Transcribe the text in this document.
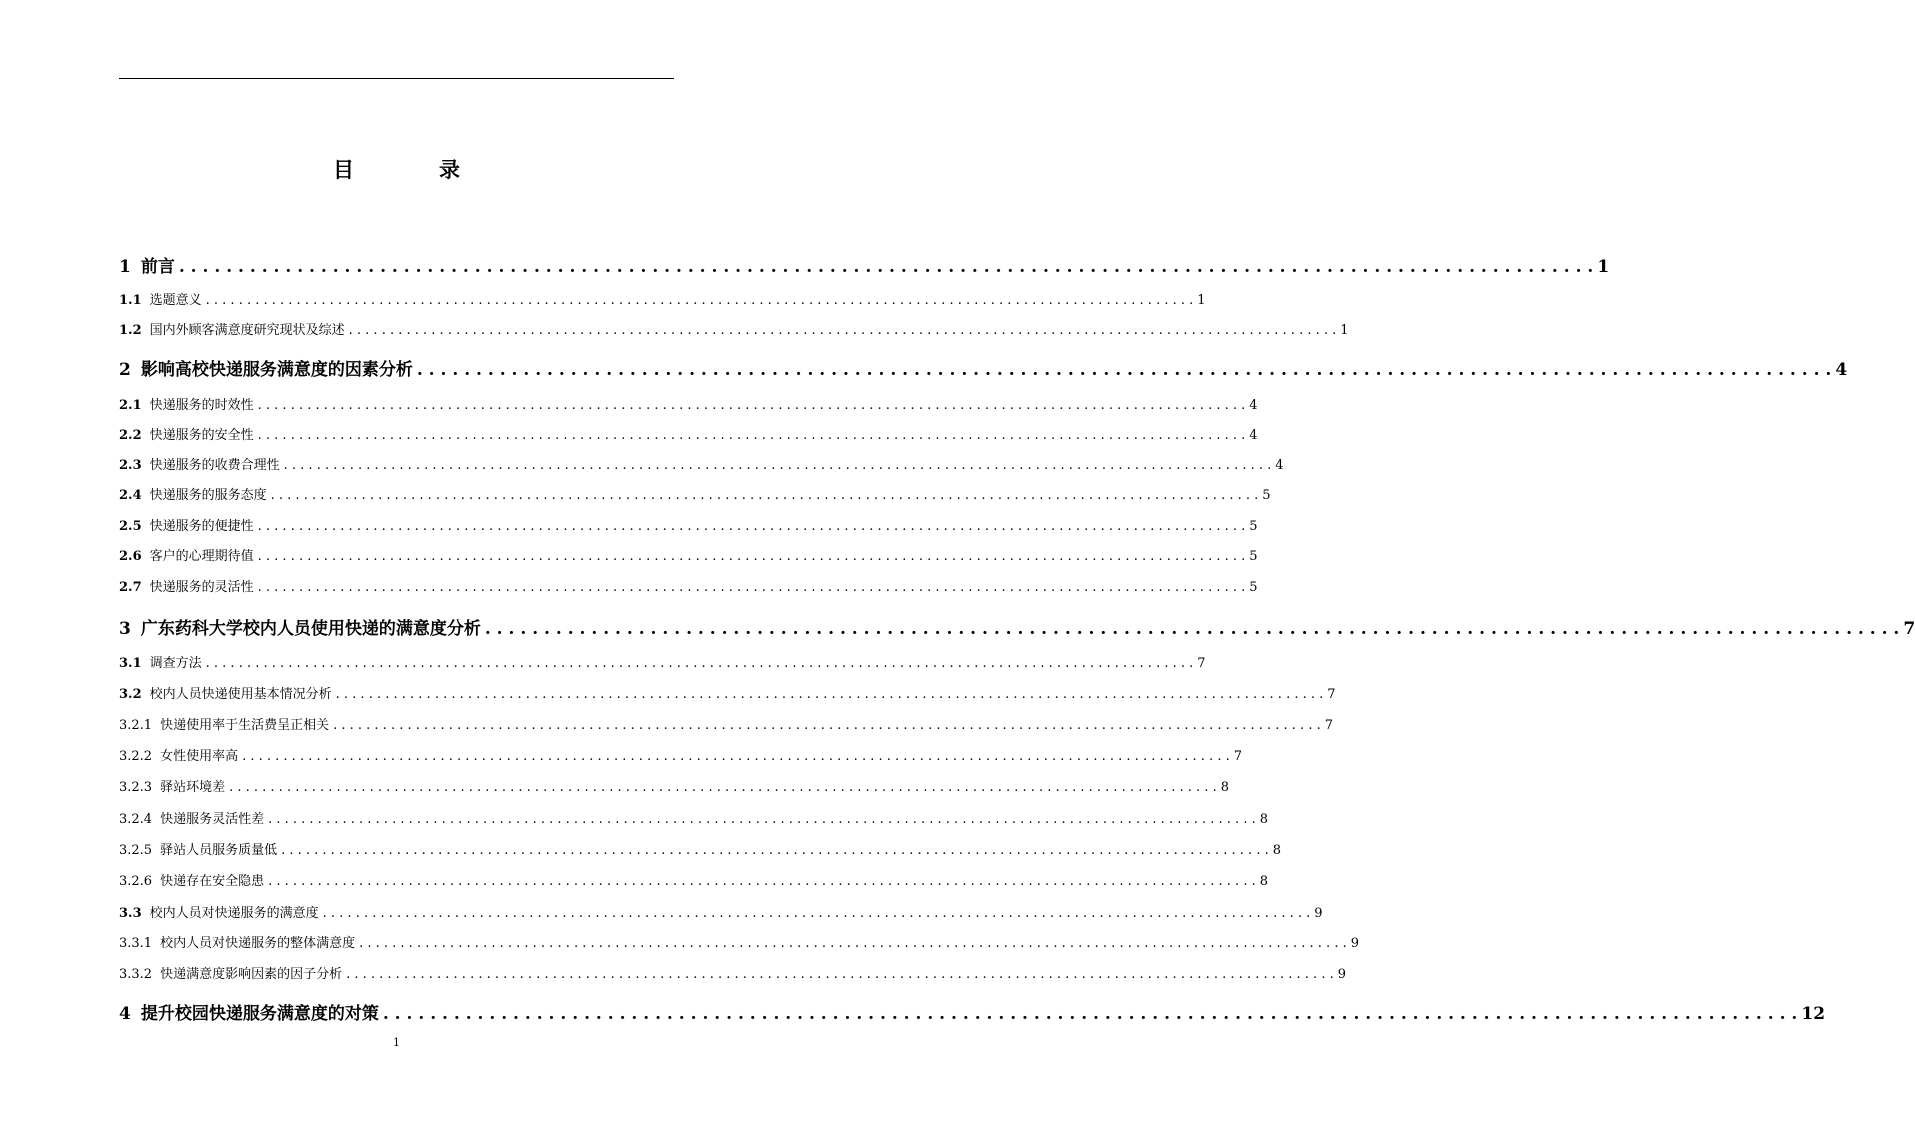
目　录
1 前言 . . . . . . . . . . . . . . . . . . . . . . . . . . . . . . . . . . . . . . . . . . . . . . . . . . . . . . . . . . . . . . . . . . . . . . . . . . . . . . . . . . . . . . . . . . . . . . . . . . . . . . . . . . . . . . . . . . . . . . . . 1
1.1 选题意义 . . . . . . . . . . . . . . . . . . . . . . . . . . . . . . . . . . . . . . . . . . . . . . . . . . . . . . . . . . . . . . . . . . . . . . . . . . . . . . . . . . . . . . . . . . . . . . . . . . . . . . . . . . . . . . . . . . . . . . . . 1
1.2 国内外顾客满意度研究现状及综述 . . . . . . . . . . . . . . . . . . . . . . . . . . . . . . . . . . . . . . . . . . . . . . . . . . . . . . . . . . . . . . . . . . . . . . . . . . . . . . . . . . . . . . . . . . . . . . . . . . . . . . . . . . . . . . . . . . . . . . . . 1
2 影响高校快递服务满意度的因素分析 . . . . . . . . . . . . . . . . . . . . . . . . . . . . . . . . . . . . . . . . . . . . . . . . . . . . . . . . . . . . . . . . . . . . . . . . . . . . . . . . . . . . . . . . . . . . . . . . . . . . . . . . . . . . . . . . . . . . . . . . 4
2.1 快递服务的时效性 . . . . . . . . . . . . . . . . . . . . . . . . . . . . . . . . . . . . . . . . . . . . . . . . . . . . . . . . . . . . . . . . . . . . . . . . . . . . . . . . . . . . . . . . . . . . . . . . . . . . . . . . . . . . . . . . . . . . . . . . 4
2.2 快递服务的安全性 . . . . . . . . . . . . . . . . . . . . . . . . . . . . . . . . . . . . . . . . . . . . . . . . . . . . . . . . . . . . . . . . . . . . . . . . . . . . . . . . . . . . . . . . . . . . . . . . . . . . . . . . . . . . . . . . . . . . . . . . 4
2.3 快递服务的收费合理性 . . . . . . . . . . . . . . . . . . . . . . . . . . . . . . . . . . . . . . . . . . . . . . . . . . . . . . . . . . . . . . . . . . . . . . . . . . . . . . . . . . . . . . . . . . . . . . . . . . . . . . . . . . . . . . . . . . . . . . . . 4
2.4 快递服务的服务态度 . . . . . . . . . . . . . . . . . . . . . . . . . . . . . . . . . . . . . . . . . . . . . . . . . . . . . . . . . . . . . . . . . . . . . . . . . . . . . . . . . . . . . . . . . . . . . . . . . . . . . . . . . . . . . . . . . . . . . . . . 5
2.5 快递服务的便捷性 . . . . . . . . . . . . . . . . . . . . . . . . . . . . . . . . . . . . . . . . . . . . . . . . . . . . . . . . . . . . . . . . . . . . . . . . . . . . . . . . . . . . . . . . . . . . . . . . . . . . . . . . . . . . . . . . . . . . . . . . 5
2.6 客户的心理期待值 . . . . . . . . . . . . . . . . . . . . . . . . . . . . . . . . . . . . . . . . . . . . . . . . . . . . . . . . . . . . . . . . . . . . . . . . . . . . . . . . . . . . . . . . . . . . . . . . . . . . . . . . . . . . . . . . . . . . . . . . 5
2.7 快递服务的灵活性 . . . . . . . . . . . . . . . . . . . . . . . . . . . . . . . . . . . . . . . . . . . . . . . . . . . . . . . . . . . . . . . . . . . . . . . . . . . . . . . . . . . . . . . . . . . . . . . . . . . . . . . . . . . . . . . . . . . . . . . . 5
3 广东药科大学校内人员使用快递的满意度分析 . . . . . . . . . . . . . . . . . . . . . . . . . . . . . . . . . . . . . . . . . . . . . . . . . . . . . . . . . . . . . . . . . . . . . . . . . . . . . . . . . . . . . . . . . . . . . . . . . . . . . . . . . . . . . . . . . . . . . . . . 7
3.1 调查方法 . . . . . . . . . . . . . . . . . . . . . . . . . . . . . . . . . . . . . . . . . . . . . . . . . . . . . . . . . . . . . . . . . . . . . . . . . . . . . . . . . . . . . . . . . . . . . . . . . . . . . . . . . . . . . . . . . . . . . . . . 7
3.2 校内人员快递使用基本情况分析 . . . . . . . . . . . . . . . . . . . . . . . . . . . . . . . . . . . . . . . . . . . . . . . . . . . . . . . . . . . . . . . . . . . . . . . . . . . . . . . . . . . . . . . . . . . . . . . . . . . . . . . . . . . . . . . . . . . . . . . . 7
3.2.1 快递使用率于生活费呈正相关 . . . . . . . . . . . . . . . . . . . . . . . . . . . . . . . . . . . . . . . . . . . . . . . . . . . . . . . . . . . . . . . . . . . . . . . . . . . . . . . . . . . . . . . . . . . . . . . . . . . . . . . . . . . . . . . . . . . . . . . . 7
3.2.2 女性使用率高 . . . . . . . . . . . . . . . . . . . . . . . . . . . . . . . . . . . . . . . . . . . . . . . . . . . . . . . . . . . . . . . . . . . . . . . . . . . . . . . . . . . . . . . . . . . . . . . . . . . . . . . . . . . . . . . . . . . . . . . . 7
3.2.3 驿站环境差 . . . . . . . . . . . . . . . . . . . . . . . . . . . . . . . . . . . . . . . . . . . . . . . . . . . . . . . . . . . . . . . . . . . . . . . . . . . . . . . . . . . . . . . . . . . . . . . . . . . . . . . . . . . . . . . . . . . . . . . . 8
3.2.4 快递服务灵活性差 . . . . . . . . . . . . . . . . . . . . . . . . . . . . . . . . . . . . . . . . . . . . . . . . . . . . . . . . . . . . . . . . . . . . . . . . . . . . . . . . . . . . . . . . . . . . . . . . . . . . . . . . . . . . . . . . . . . . . . . . 8
3.2.5 驿站人员服务质量低 . . . . . . . . . . . . . . . . . . . . . . . . . . . . . . . . . . . . . . . . . . . . . . . . . . . . . . . . . . . . . . . . . . . . . . . . . . . . . . . . . . . . . . . . . . . . . . . . . . . . . . . . . . . . . . . . . . . . . . . . 8
3.2.6 快递存在安全隐患 . . . . . . . . . . . . . . . . . . . . . . . . . . . . . . . . . . . . . . . . . . . . . . . . . . . . . . . . . . . . . . . . . . . . . . . . . . . . . . . . . . . . . . . . . . . . . . . . . . . . . . . . . . . . . . . . . . . . . . . . 8
3.3 校内人员对快递服务的满意度 . . . . . . . . . . . . . . . . . . . . . . . . . . . . . . . . . . . . . . . . . . . . . . . . . . . . . . . . . . . . . . . . . . . . . . . . . . . . . . . . . . . . . . . . . . . . . . . . . . . . . . . . . . . . . . . . . . . . . . . . 9
3.3.1 校内人员对快递服务的整体满意度 . . . . . . . . . . . . . . . . . . . . . . . . . . . . . . . . . . . . . . . . . . . . . . . . . . . . . . . . . . . . . . . . . . . . . . . . . . . . . . . . . . . . . . . . . . . . . . . . . . . . . . . . . . . . . . . . . . . . . . . . 9
3.3.2 快递满意度影响因素的因子分析 . . . . . . . . . . . . . . . . . . . . . . . . . . . . . . . . . . . . . . . . . . . . . . . . . . . . . . . . . . . . . . . . . . . . . . . . . . . . . . . . . . . . . . . . . . . . . . . . . . . . . . . . . . . . . . . . . . . . . . . . 9
4 提升校园快递服务满意度的对策 . . . . . . . . . . . . . . . . . . . . . . . . . . . . . . . . . . . . . . . . . . . . . . . . . . . . . . . . . . . . . . . . . . . . . . . . . . . . . . . . . . . . . . . . . . . . . . . . . . . . . . . . . . . . . . . . . . . . . . . . 12
1
